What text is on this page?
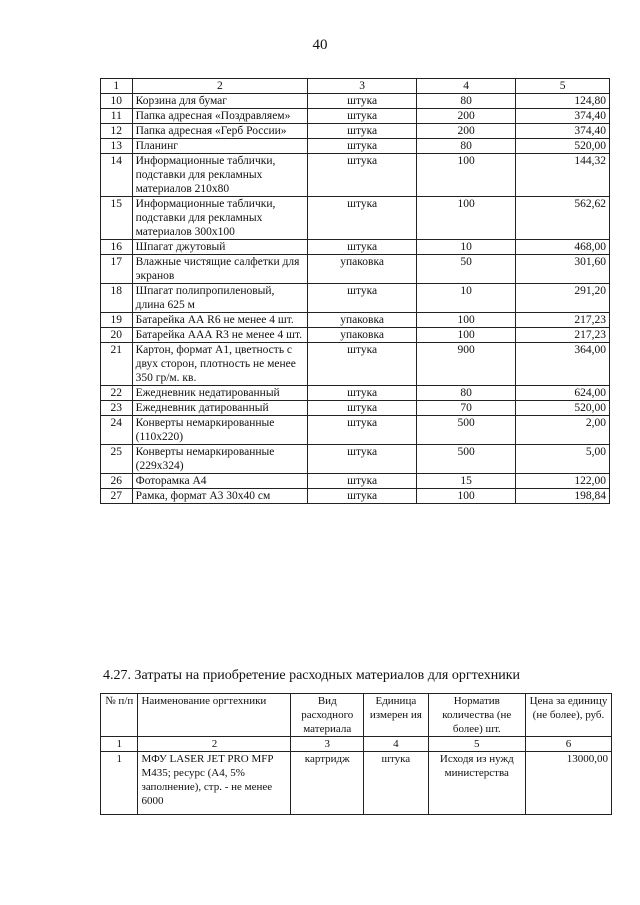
40
1	2	3	4	5
10	Корзина для бумаг	штука	80	124,80
11	Папка адресная «Поздравляем»	штука	200	374,40
12	Папка адресная «Герб России»	штука	200	374,40
13	Планинг	штука	80	520,00
14	Информационные таблички, подставки для рекламных материалов 210х80	штука	100	144,32
15	Информационные таблички, подставки для рекламных материалов 300х100	штука	100	562,62
16	Шпагат джутовый	штука	10	468,00
17	Влажные чистящие салфетки для экранов	упаковка	50	301,60
18	Шпагат полипропиленовый, длина 625 м	штука	10	291,20
19	Батарейка АА R6 не менее 4 шт.	упаковка	100	217,23
20	Батарейка ААА R3 не менее 4 шт.	упаковка	100	217,23
21	Картон, формат А1, цветность с двух сторон, плотность не менее 350 гр/м. кв.	штука	900	364,00
22	Ежедневник недатированный	штука	80	624,00
23	Ежедневник датированный	штука	70	520,00
24	Конверты немаркированные (110х220)	штука	500	2,00
25	Конверты немаркированные (229х324)	штука	500	5,00
26	Фоторамка А4	штука	15	122,00
27	Рамка, формат А3 30х40 см	штука	100	198,84
4.27. Затраты на приобретение расходных материалов для оргтехники
№ п/п	Наименование оргтехники	Вид расходного материала	Единица измерен ия	Норматив количества (не более) шт.	Цена за единицу (не более), руб.
1	2	3	4	5	6
1	МФУ LASER JET PRO MFP M435; ресурс (А4, 5% заполнение), стр. - не менее 6000	картридж	штука	Исходя из нужд министерства	13000,00
